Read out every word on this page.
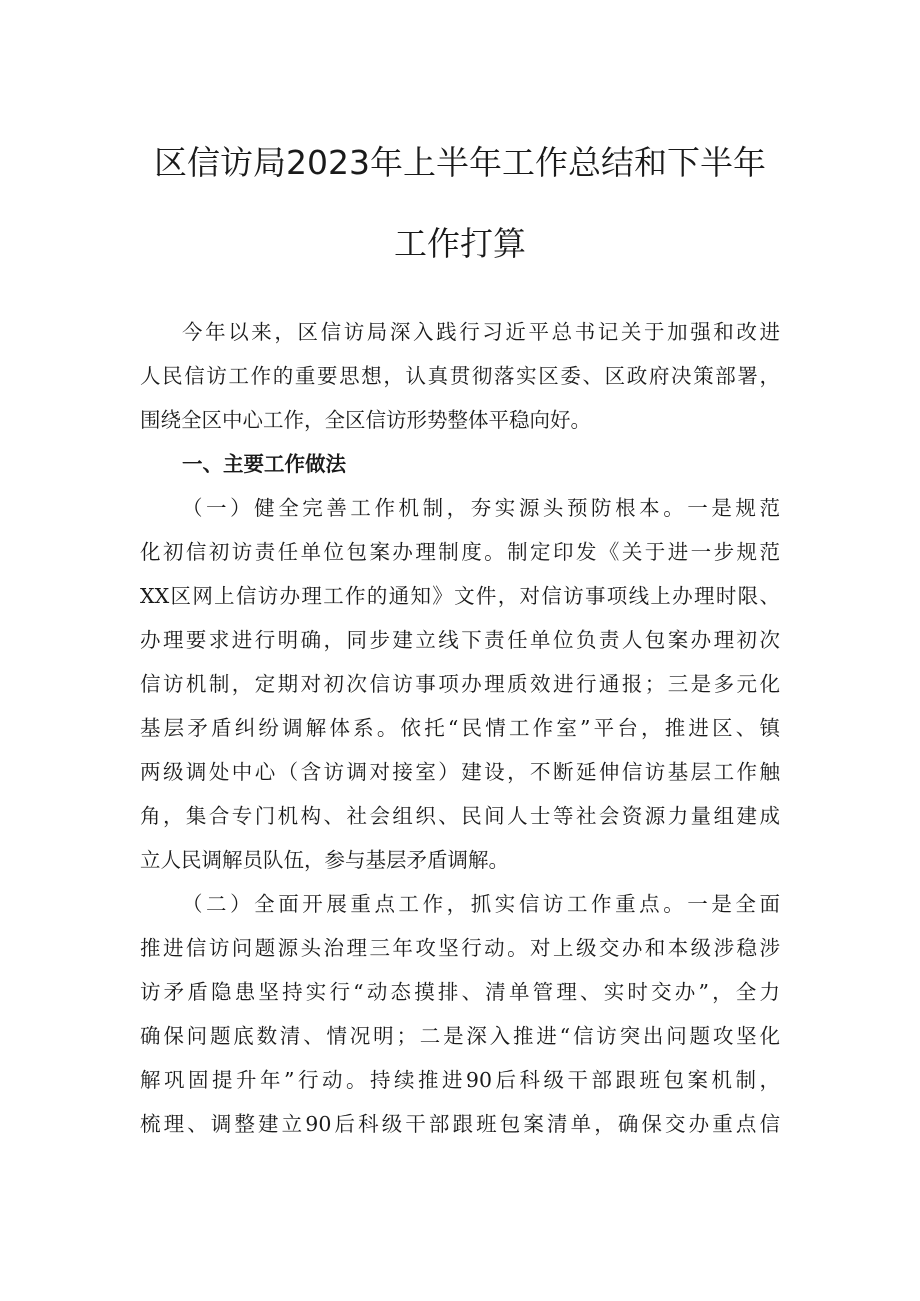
区信访局2023年上半年工作总结和下半年
工作打算
今年以来，区信访局深入践行习近平总书记关于加强和改进
人民信访工作的重要思想，认真贯彻落实区委、区政府决策部署，
围绕全区中心工作，全区信访形势整体平稳向好。
一、主要工作做法
（一）健全完善工作机制，夯实源头预防根本。一是规范
化初信初访责任单位包案办理制度。制定印发《关于进一步规范
XX区网上信访办理工作的通知》文件，对信访事项线上办理时限、
办理要求进行明确，同步建立线下责任单位负责人包案办理初次
信访机制，定期对初次信访事项办理质效进行通报；三是多元化
基层矛盾纠纷调解体系。依托“民情工作室”平台，推进区、镇
两级调处中心（含访调对接室）建设，不断延伸信访基层工作触
角，集合专门机构、社会组织、民间人士等社会资源力量组建成
立人民调解员队伍，参与基层矛盾调解。
（二）全面开展重点工作，抓实信访工作重点。一是全面
推进信访问题源头治理三年攻坚行动。对上级交办和本级涉稳涉
访矛盾隐患坚持实行“动态摸排、清单管理、实时交办”，全力
确保问题底数清、情况明；二是深入推进“信访突出问题攻坚化
解巩固提升年”行动。持续推进90后科级干部跟班包案机制，
梳理、调整建立90后科级干部跟班包案清单，确保交办重点信
